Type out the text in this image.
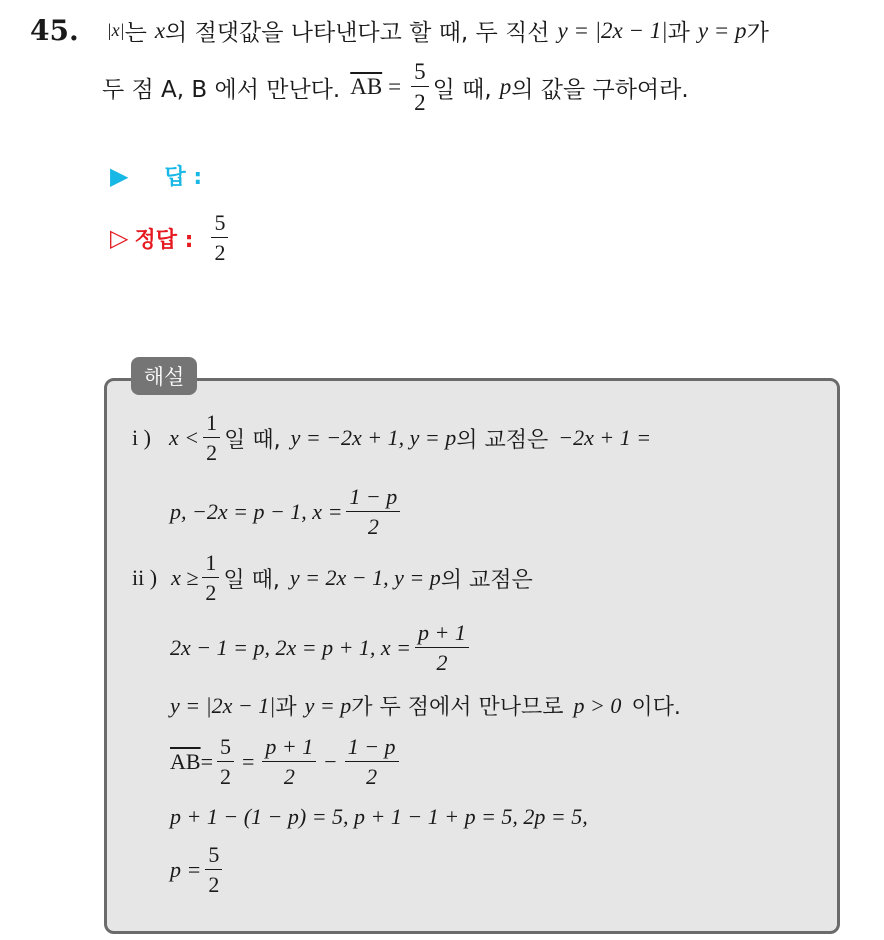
45. |x| 는 x 의 절댓값을 나타낸다고 할 때, 두 직선 y = |2x − 1| 과 y = p 가
두 점 A, B 에서 만난다. $\overline{AB} = \frac{5}{2}$ 일 때, p 의 값을 구하여라.
▶ 답 :
▷ 정답 : $\frac{5}{2}$
해설
i ) $x < \frac{1}{2}$ 일 때, y = −2x + 1, y = p 의 교점은 −2x + 1 =
p, −2x = p − 1, $x = \frac{1 - p}{2}$
ii ) $x \ge \frac{1}{2}$ 일 때, y = 2x − 1, y = p 의 교점은
2x − 1 = p, 2x = p + 1, $x = \frac{p + 1}{2}$
y = |2x − 1| 과 y = p 가 두 점에서 만나므로 p > 0 이다.
$\overline{AB} = \frac{5}{2} = \frac{p + 1}{2} - \frac{1 - p}{2}$
p + 1 − (1 − p) = 5, p + 1 − 1 + p = 5, 2p = 5,
$p = \frac{5}{2}$
